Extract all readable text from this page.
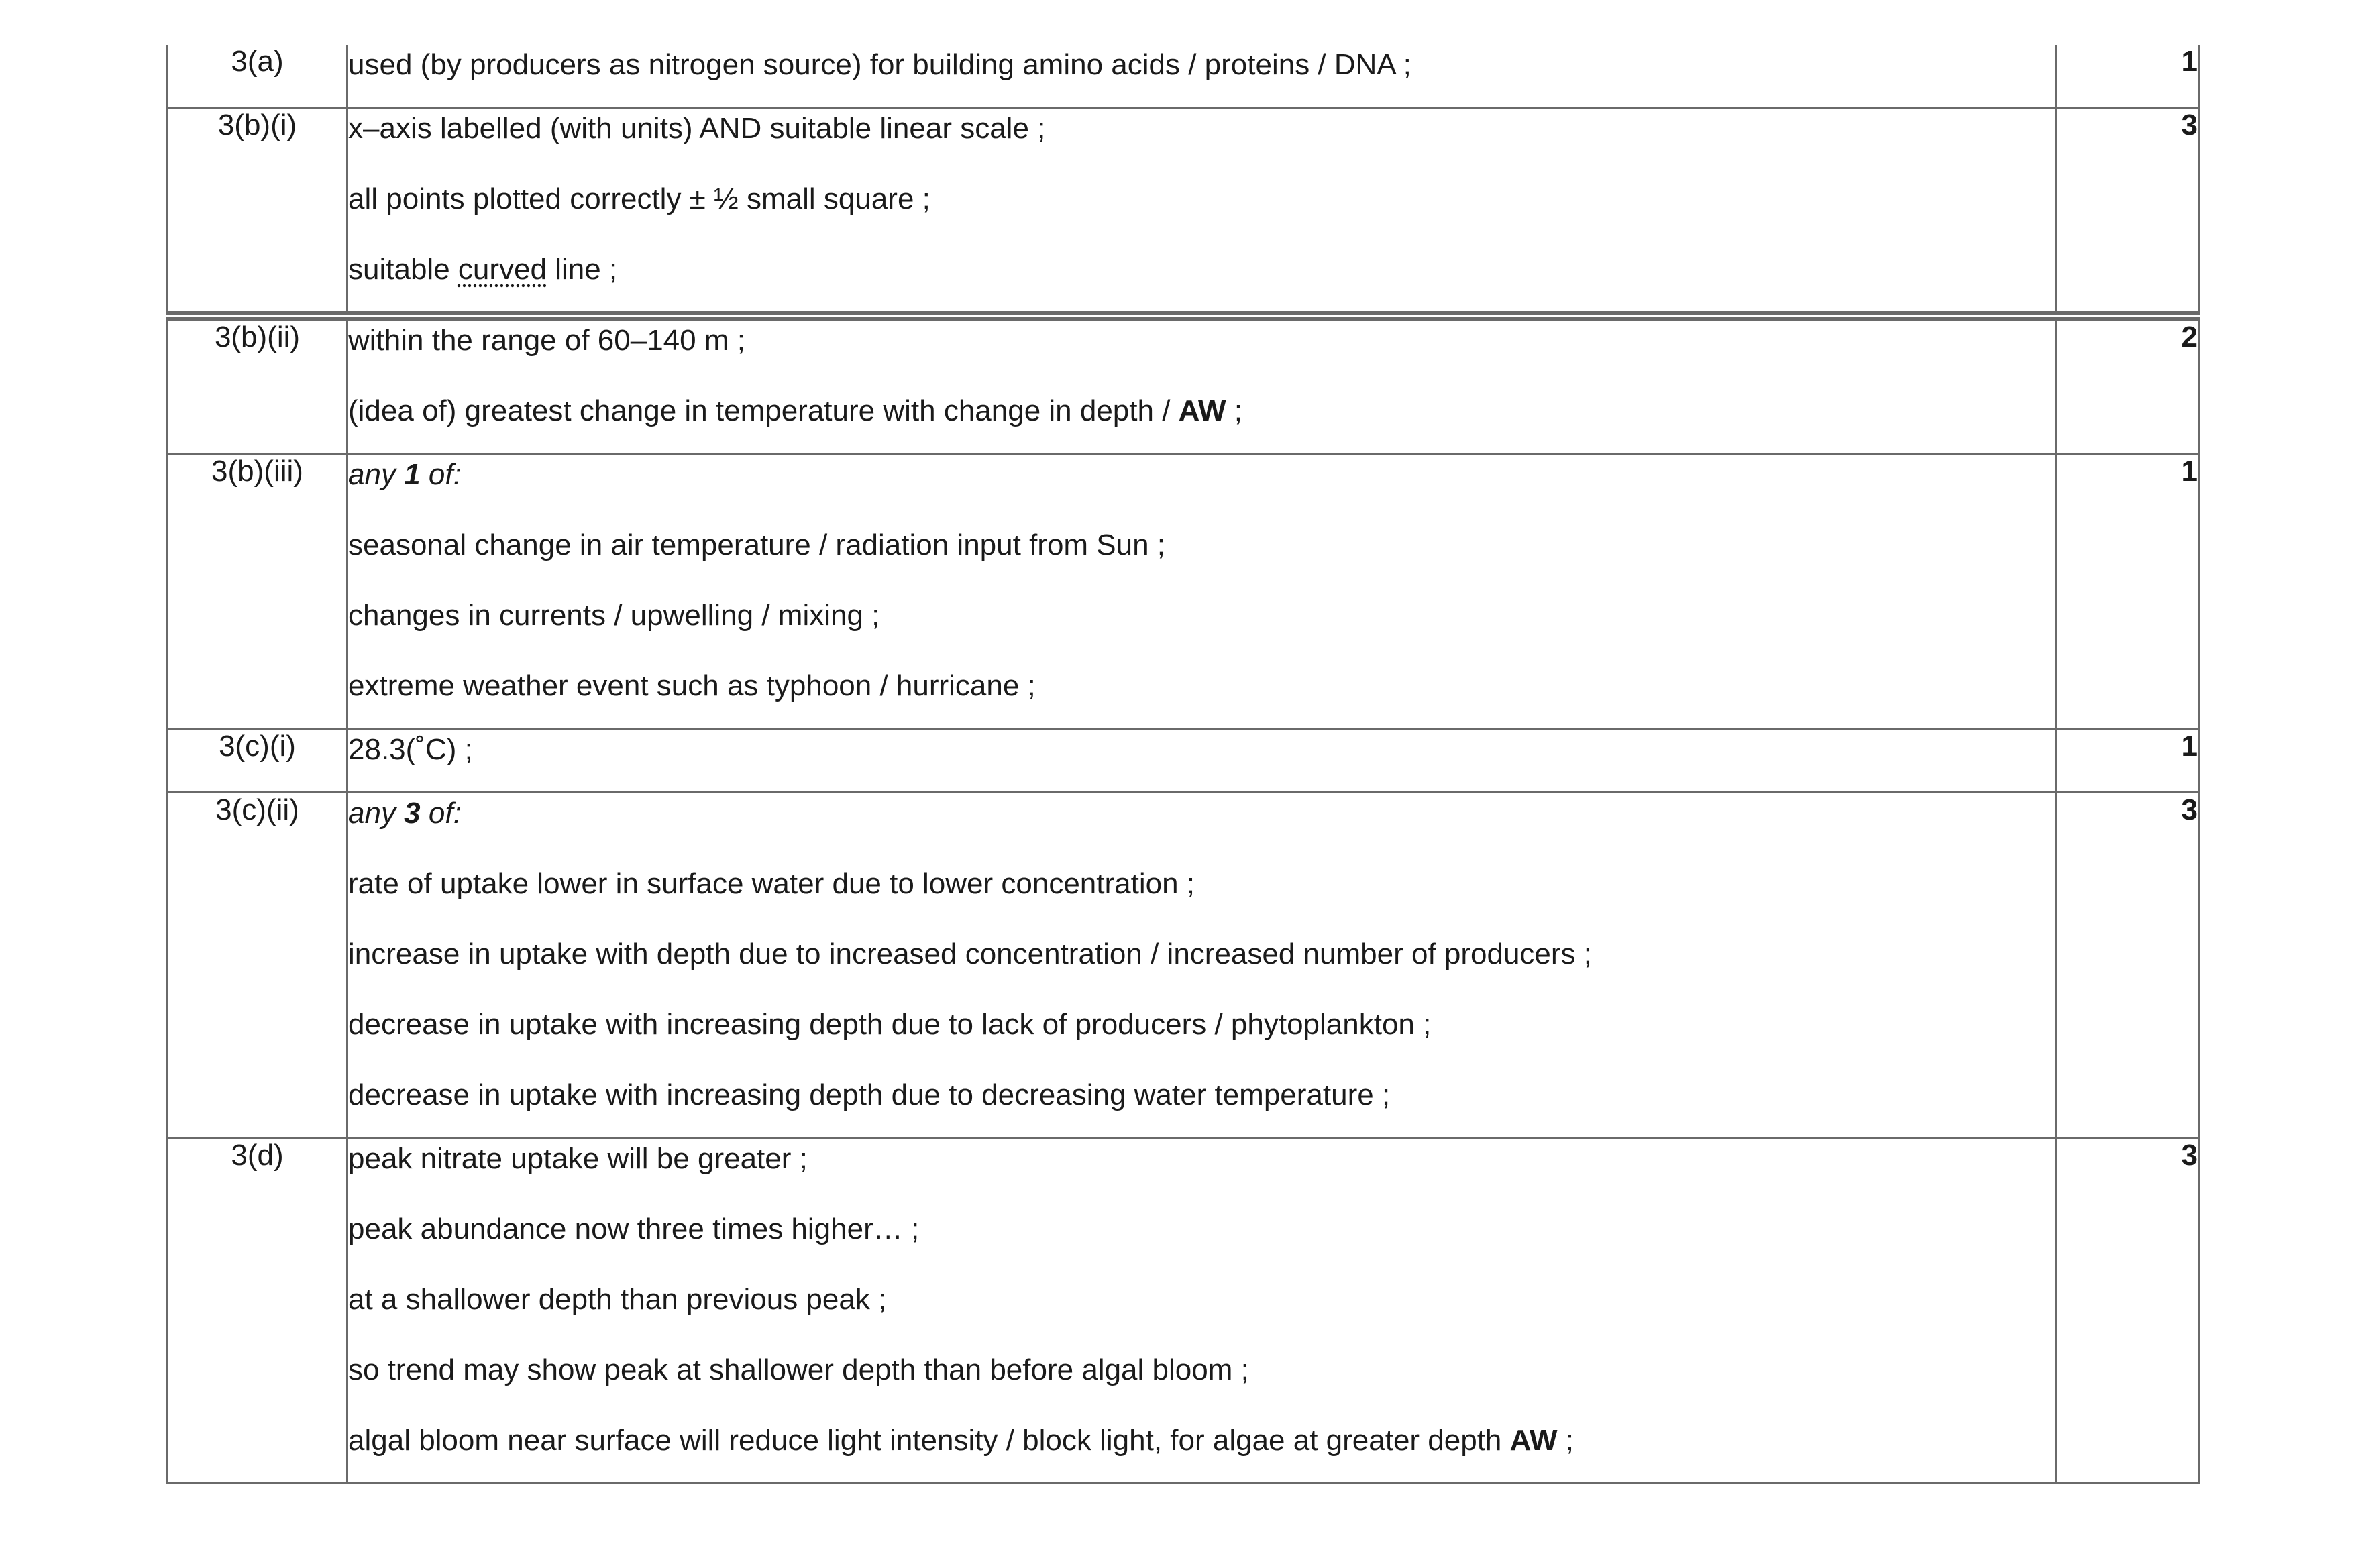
3(a)	used (by producers as nitrogen source) for building amino acids / proteins / DNA ;	1
3(b)(i)	x–axis labelled (with units) AND suitable linear scale ;
all points plotted correctly ± ½ small square ;
suitable curved line ;	3
3(b)(ii)	within the range of 60–140 m ;
(idea of) greatest change in temperature with change in depth / AW ;	2
3(b)(iii)	any 1 of:
seasonal change in air temperature / radiation input from Sun ;
changes in currents / upwelling / mixing ;
extreme weather event such as typhoon / hurricane ;	1
3(c)(i)	28.3(˚C) ;	1
3(c)(ii)	any 3 of:
rate of uptake lower in surface water due to lower concentration ;
increase in uptake with depth due to increased concentration / increased number of producers ;
decrease in uptake with increasing depth due to lack of producers / phytoplankton ;
decrease in uptake with increasing depth due to decreasing water temperature ;	3
3(d)	peak nitrate uptake will be greater ;
peak abundance now three times higher… ;
at a shallower depth than previous peak ;
so trend may show peak at shallower depth than before algal bloom ;
algal bloom near surface will reduce light intensity / block light, for algae at greater depth AW ;	3
